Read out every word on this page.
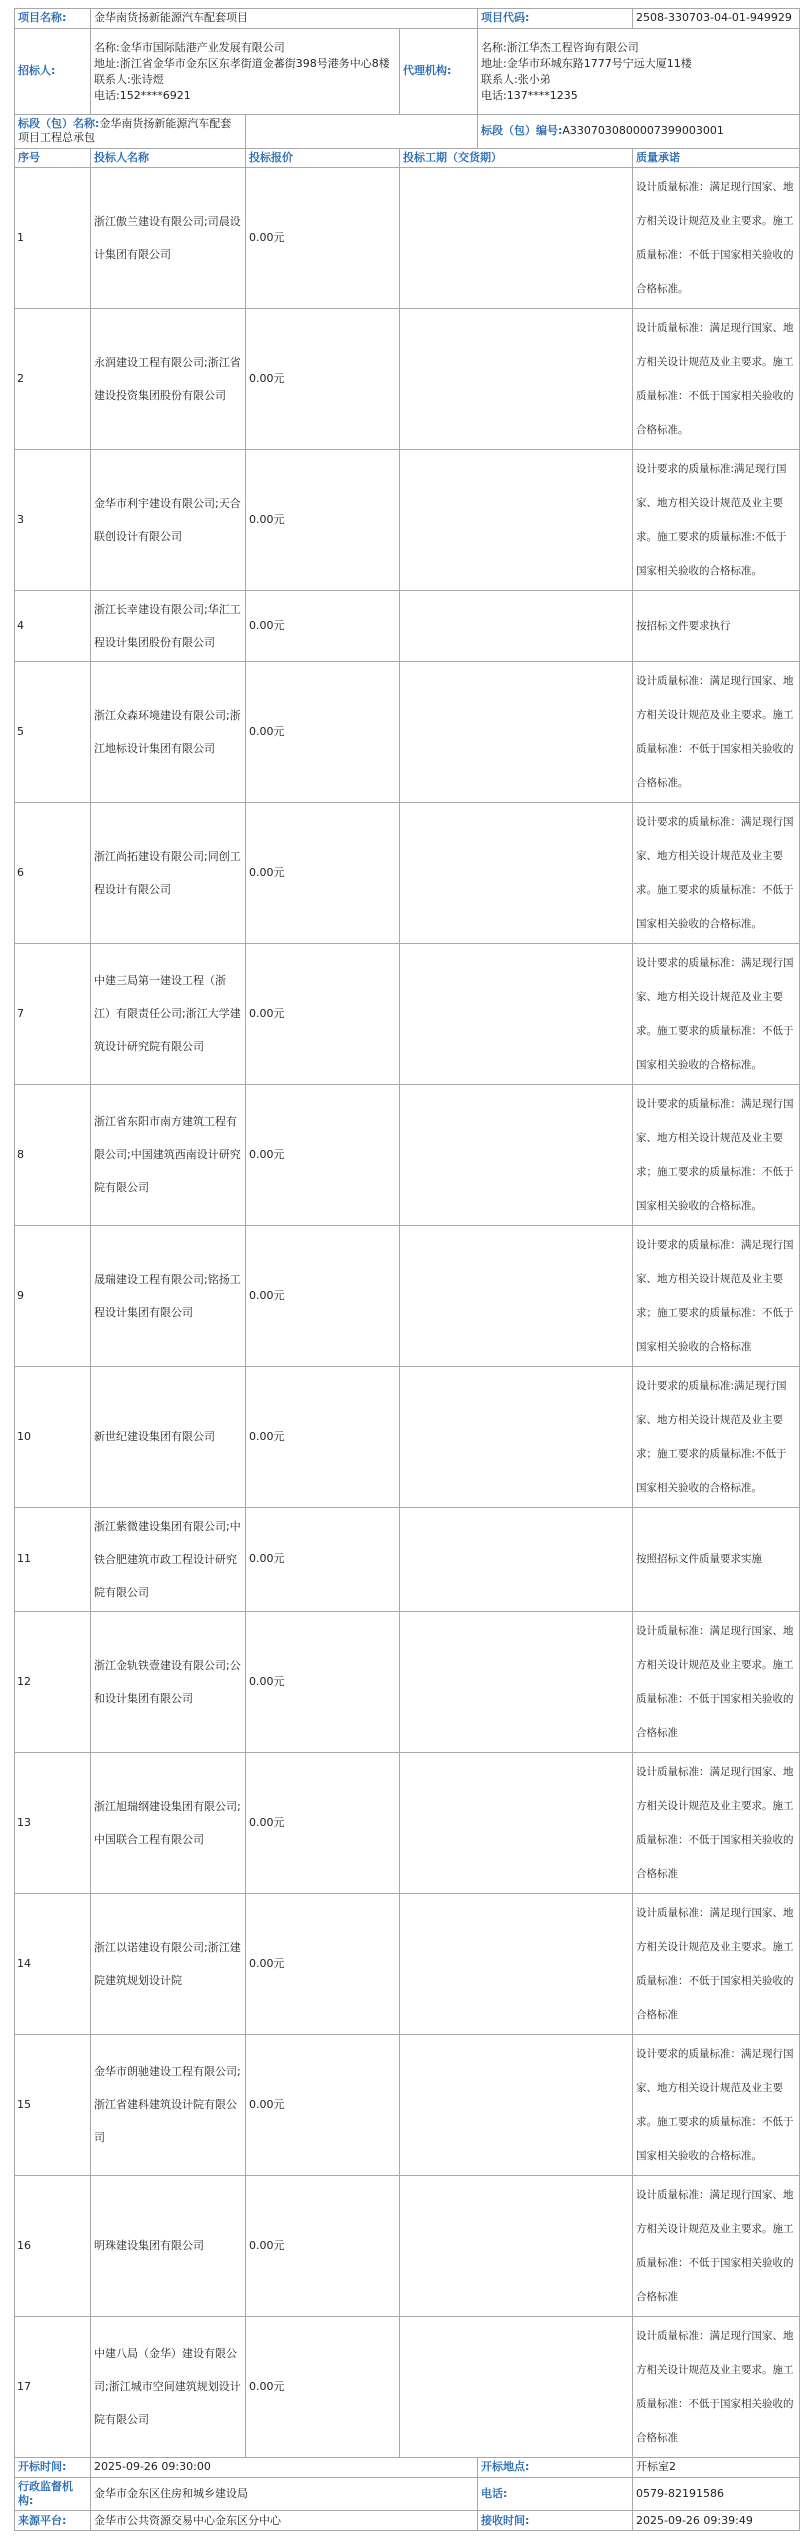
项目名称:	金华南货扬新能源汽车配套项目	项目代码:	2508-330703-04-01-949929
招标人:	
名称:金华市国际陆港产业发展有限公司
地址:浙江省金华市金东区东孝街道金蕃街398号港务中心8楼
联系人:张诗煜
电话:152****6921
	代理机构:	
名称:浙江华杰工程咨询有限公司
地址:金华市环城东路1777号宁远大厦11楼
联系人:张小弟
电话:137****1235
标段（包）名称:金华南货扬新能源汽车配套项目工程总承包				标段（包）编号:A3307030800007399003001	
序号	投标人名称	投标报价	投标工期（交货期）		质量承诺
1	浙江傲兰建设有限公司;司晨设计集团有限公司	0.00元			设计质量标准：满足现行国家、地方相关设计规范及业主要求。施工质量标准：不低于国家相关验收的合格标准。
2	永润建设工程有限公司;浙江省建设投资集团股份有限公司	0.00元			设计质量标准：满足现行国家、地方相关设计规范及业主要求。施工质量标准：不低于国家相关验收的合格标准。
3	金华市利宇建设有限公司;天合联创设计有限公司	0.00元			设计要求的质量标准:满足现行国家、地方相关设计规范及业主要求。施工要求的质量标准:不低于国家相关验收的合格标准。
4	浙江长幸建设有限公司;华汇工程设计集团股份有限公司	0.00元			按招标文件要求执行
5	浙江众森环境建设有限公司;浙江地标设计集团有限公司	0.00元			设计质量标准：满足现行国家、地方相关设计规范及业主要求。施工质量标准：不低于国家相关验收的合格标准。
6	浙江尚拓建设有限公司;同创工程设计有限公司	0.00元			设计要求的质量标准：满足现行国家、地方相关设计规范及业主要求。施工要求的质量标准：不低于国家相关验收的合格标准。
7	中建三局第一建设工程（浙江）有限责任公司;浙江大学建筑设计研究院有限公司	0.00元			设计要求的质量标准：满足现行国家、地方相关设计规范及业主要求。施工要求的质量标准：不低于国家相关验收的合格标准。
8	浙江省东阳市南方建筑工程有限公司;中国建筑西南设计研究院有限公司	0.00元			设计要求的质量标准：满足现行国家、地方相关设计规范及业主要求；施工要求的质量标准：不低于国家相关验收的合格标准。
9	晟瑞建设工程有限公司;铭扬工程设计集团有限公司	0.00元			设计要求的质量标准：满足现行国家、地方相关设计规范及业主要求；施工要求的质量标准：不低于国家相关验收的合格标准
10	新世纪建设集团有限公司	0.00元			设计要求的质量标准:满足现行国家、地方相关设计规范及业主要求；施工要求的质量标准:不低于国家相关验收的合格标准。
11	浙江紫微建设集团有限公司;中铁合肥建筑市政工程设计研究院有限公司	0.00元			按照招标文件质量要求实施
12	浙江金轨铁壹建设有限公司;公和设计集团有限公司	0.00元			设计质量标准：满足现行国家、地方相关设计规范及业主要求。施工质量标准：不低于国家相关验收的合格标准
13	浙江旭瑞纲建设集团有限公司;中国联合工程有限公司	0.00元			设计质量标准：满足现行国家、地方相关设计规范及业主要求。施工质量标准：不低于国家相关验收的合格标准
14	浙江以诺建设有限公司;浙江建院建筑规划设计院	0.00元			设计质量标准：满足现行国家、地方相关设计规范及业主要求。施工质量标准：不低于国家相关验收的合格标准
15	金华市朗驰建设工程有限公司;浙江省建科建筑设计院有限公司	0.00元			设计要求的质量标准：满足现行国家、地方相关设计规范及业主要求。施工要求的质量标准：不低于国家相关验收的合格标准。
16	明珠建设集团有限公司	0.00元			设计质量标准：满足现行国家、地方相关设计规范及业主要求。施工质量标准：不低于国家相关验收的合格标准
17	中建八局（金华）建设有限公司;浙江城市空间建筑规划设计院有限公司	0.00元			设计质量标准：满足现行国家、地方相关设计规范及业主要求。施工质量标准：不低于国家相关验收的合格标准
开标时间:	2025-09-26 09:30:00			开标地点:	开标室2
行政监督机构:	金华市金东区住房和城乡建设局			电话:	0579-82191586
来源平台:	金华市公共资源交易中心金东区分中心			接收时间:	2025-09-26 09:39:49
